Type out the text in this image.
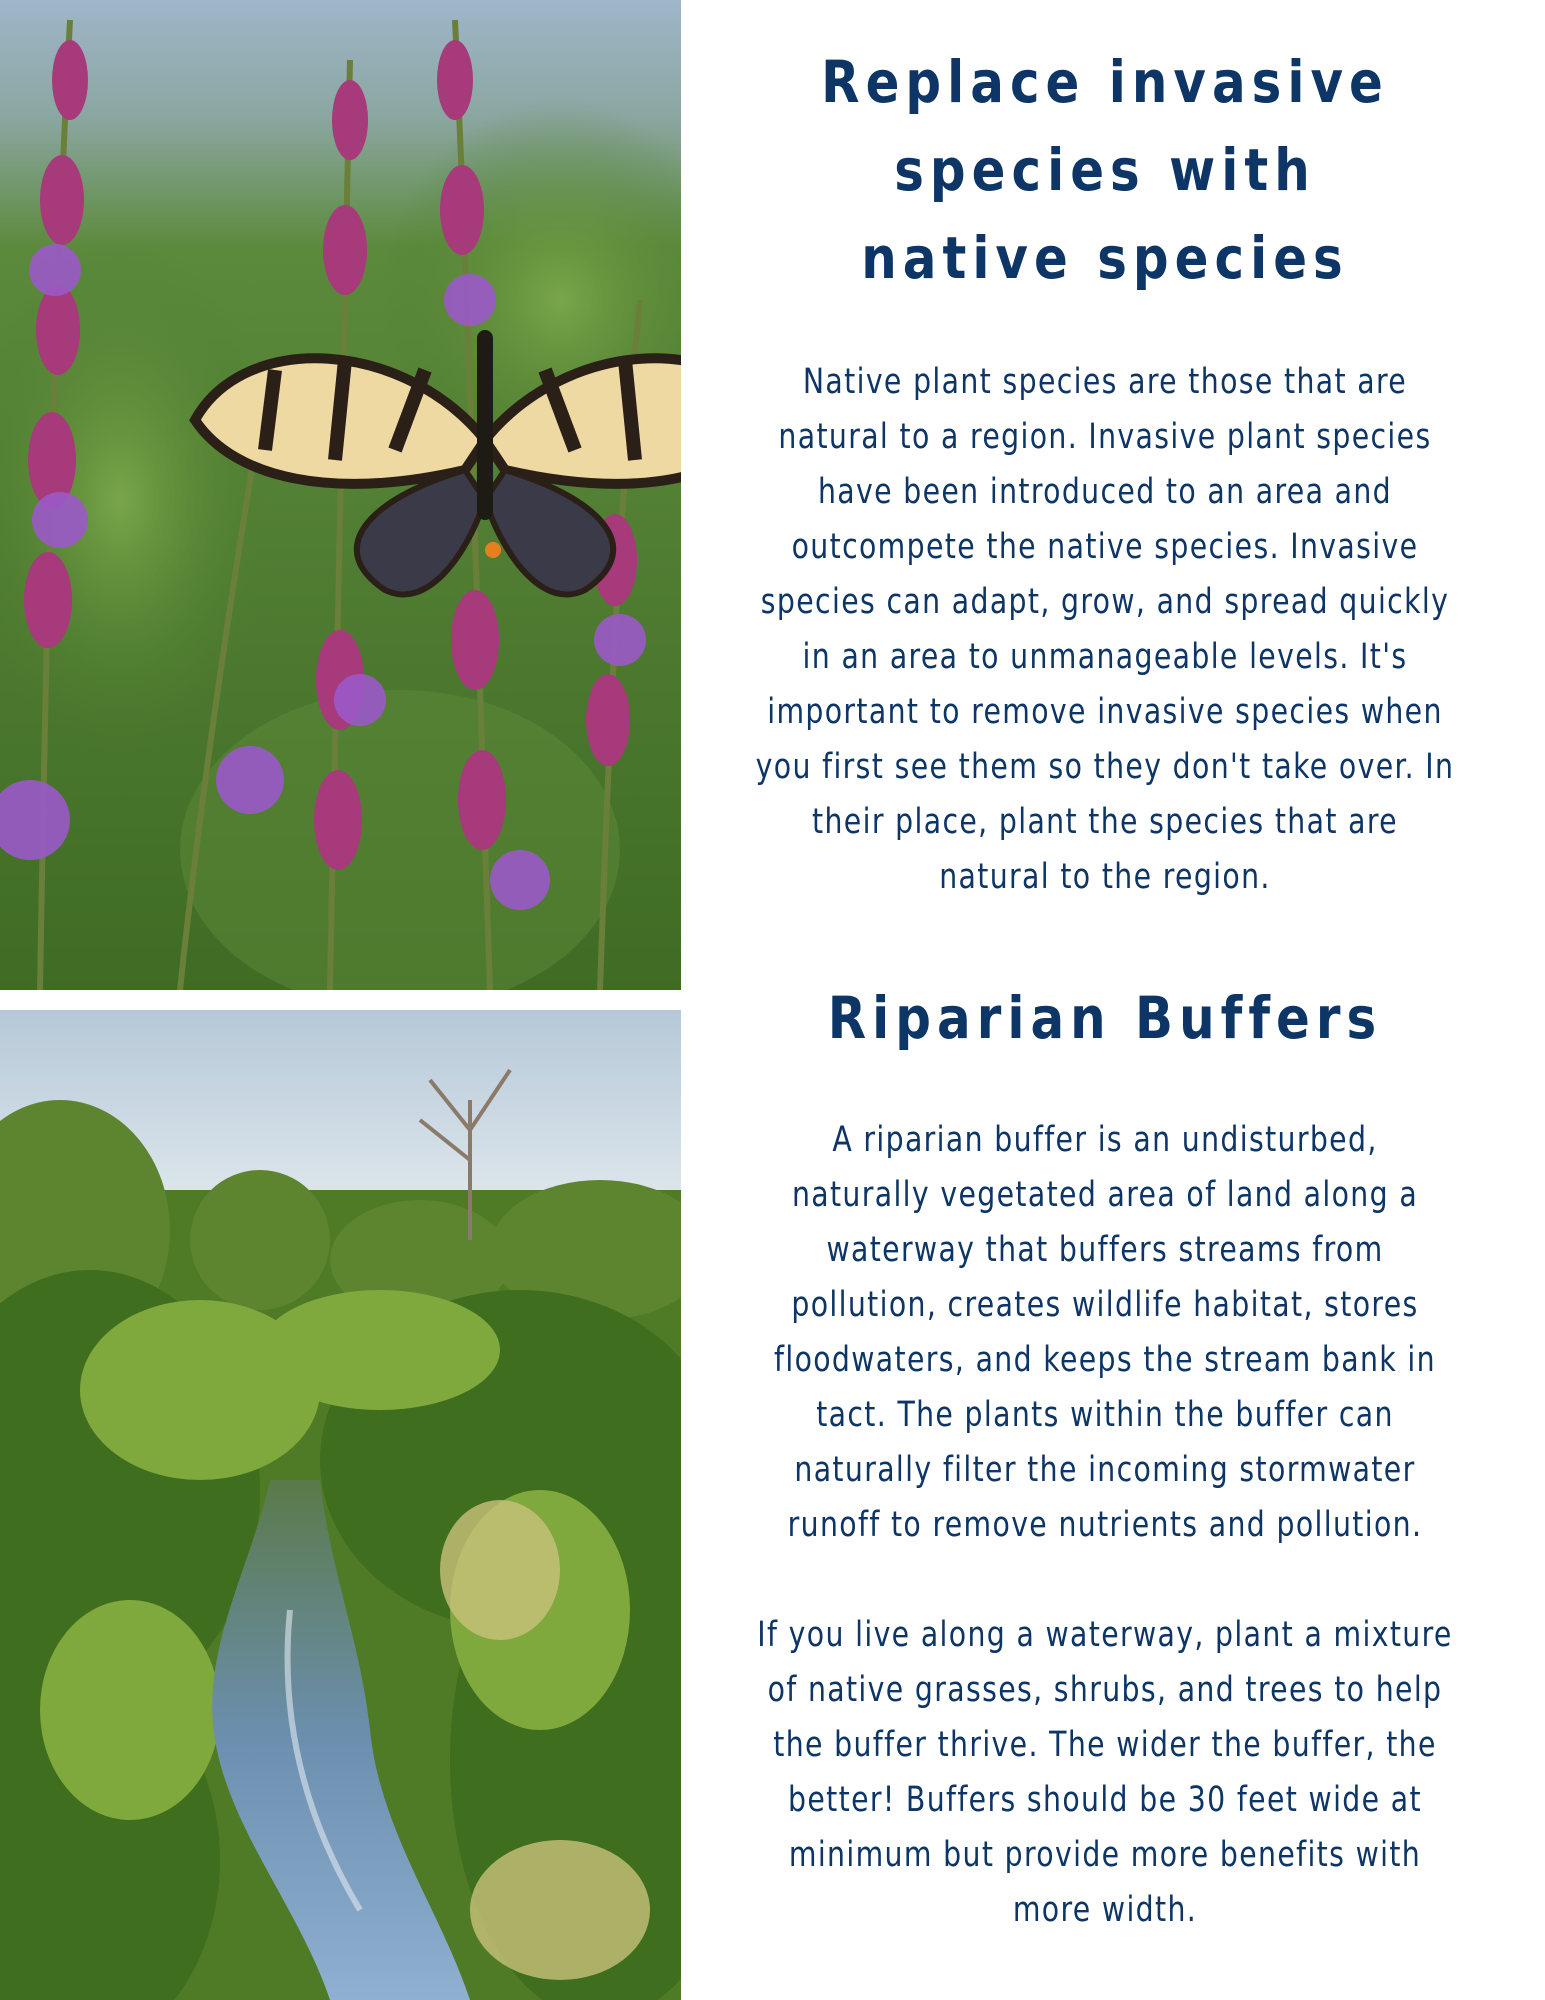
Replace invasive
species with
native species

Native plant species are those that are
natural to a region. Invasive plant species
have been introduced to an area and
outcompete the native species. Invasive
species can adapt, grow, and spread quickly
in an area to unmanageable levels. It's
important to remove invasive species when
you first see them so they don't take over. In
their place, plant the species that are
natural to the region.

Riparian Buffers

A riparian buffer is an undisturbed,
naturally vegetated area of land along a
waterway that buffers streams from
pollution, creates wildlife habitat, stores
floodwaters, and keeps the stream bank in
tact. The plants within the buffer can
naturally filter the incoming stormwater
runoff to remove nutrients and pollution.

If you live along a waterway, plant a mixture
of native grasses, shrubs, and trees to help
the buffer thrive. The wider the buffer, the
better! Buffers should be 30 feet wide at
minimum but provide more benefits with
more width.
